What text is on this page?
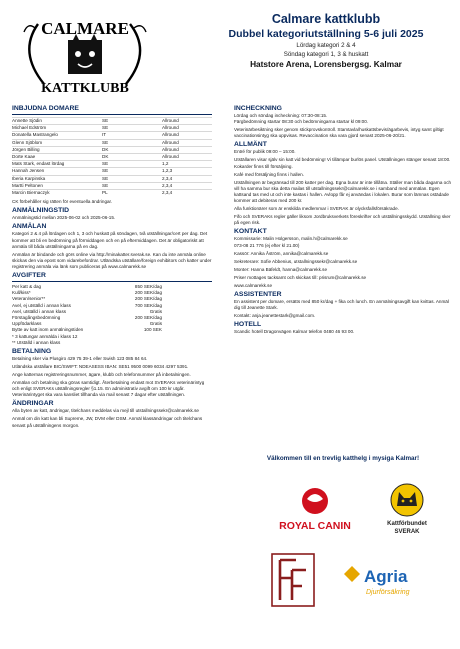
CALMARE
KATTKLUBB
Calmare kattklubb
Dubbel kategoriutställning 5-6 juli 2025
Lördag kategori 2 & 4
Söndag kategori 1, 3 & huskatt
Hatstore Arena, Lorensbergsg. Kalmar
INBJUDNA DOMARE
Annette Sjödin	SE	Allround
Michael Edström	SE	Allround
Donatella Mastrangelo	IT	Allround
Glenn Sjöblom	SE	Allround
Jörgen Billing	DK	Allround
Dorte Kaae	DK	Allround
Mats Stark, endast lördag	SE	1,2
Hannah Jensen	SE	1,2,3
Iberia Karpinska	SE	2,3,4
Martti Peltonen	SE	2,3,4
Marcin Biernaczyk	PL	2,3,4

CK förbehåller sig rätten för eventuella ändringar.

ANMÄLNINGSTID

Anmälningstid mellan 2025-06-02 och 2025-06-15.

ANMÄLAN

Kategori 2 & 4 på lördagen och 1, 3 och huskatt på söndagen, två utställningar/cert per dag. Det kommer att bli en bedömning på förmiddagen och en på eftermiddagen. Det är obligatoriskt att anmäla till båda utställningarna på en dag.

Anmälan är bindande och görs online via http://minakatter.sverak.se. Kan du inte anmäla online skickas den via epost som vidarebefordrar. Utländska utställare/foreign exhibitors och katter under registrering anmäla via länk som publiceras på www.calmarekk.se

AVGIFTER
Per katt & dag	850 SEK/dag
Kull/kiss*	200 SEK/dag
Veteran/senior**	200 SEK/dag
Avel, ej utställd i annan klass	700 SEK/dag
Avel, utställd i annan klass	Gratis
Förstagångsbedömning	200 SEK/dag
Uppfödarklass	Gratis
Bytte av katt inom anmälningstiden	100 SEK

* 3 kattungar anmälda i klass 12

** Utställd i annan klass

BETALNING

Betalning sker via Plusgiro 429 75 39-1 eller Swish 123 085 84 64.

Utländska utställare BIC/SWIFT: NDEASESS IBAN: SE51 9500 0099 6034 4297 5391.

Ange katternas registreringsnummer, ägare, klubb och telefonnummer på inbetalningen.

Anmälan och betalning ska göras samtidigt. Återbetalning endast mot SVERAKs veterinärintyg och enligt SVERAKs utställningsregler §1.15. En administrativ avgift om 100 kr utgår. Veterinärintyget ska vara kansliet tillhanda via mail senast 7 dagar efter utställningen.

ÄNDRINGAR

Alla byten av katt, ändringar, titelchans meddelas via mejl till utstallningssekr@calmarekk.se

Anmäl om din katt kan bli Supreme, JW, DVM eller DSM. Anmäl klassändringar och titelchans senast på utställningens morgon.

INCHECKNING

Lördag och söndag incheckning: 07:30-08:15.

Färgbedömning startar 08:30 och bedömningarna startar kl 09:00.

Veterinärbesiktning sker genom stickprovskontroll. Stamtavla/huskattsbevis/ägarbevis, intyg samt giltigt vaccinationsintyg ska uppvisas. Revaccination ska vara gjord senast 2025-06-20/21.

ALLMÄNT

Entré för publik 09:00 – 15:00.

Utställaren visar själv sin katt vid bedömning! Vi tillämpar burlös panel. Utställningen stänger senast 18:00. Kokarder finns till försäljning.

Kafé med försäljning finns i hallen.

Utställningen är begränsad till 200 katter per dag. Egna burar är inte tillåtna. Ställer man båda dagarna och vill ha samma bur ska detta mailas till utstallningssekr@calmarekk.se i samband med anmälan. Egen kattsand tas med ut och inte kastas i hallen. Avlopp får ej användas i lokalen. Burar som lämnas ostädade kommer att debiteras med 200 kr.

Alla funktionärer som är enskilda medlemmar i SVERAK är olycksfallsförsäkrade.

Fifo och SVERAKs regler gäller liksom Jordbruksverkets föreskrifter och utställningsskydd. Utställning sker på egen risk.

KONTAKT

Kommissarie: Malin Holgersson, malin.h@calmarekk.se

073-08 21 776 (ej efter kl 21.00)

Kassör: Annika Åström, annika@calmarekk.se

Sekreterare: Sofie Abbenius, utstallningssekr@calmarekk.se

Monter: Hanna Bäfeldt, hanna@calmarekk.se

Priser mottages tacksamt och skickas till: prisrum@calmarekk.se

www.calmarekk.se

ASSISTENTER

En assistent per domare, ersätts med 850 kr/dag + fika och lunch. En anmälningsavgift kan kvittas. Anmäl dig till Jeanette Stark.

Kontakt: anja.jeanettestark@gmail.com.

HOTELL

Scandic hotell Dragonvägen Kalmar telefon 0480 46 93 00.

Välkommen till en trevlig katthelg i mysiga Kalmar!
ROYAL CANIN	Kattförbundet
SVERAK
FIFé
Agria
Djurförsäkring
